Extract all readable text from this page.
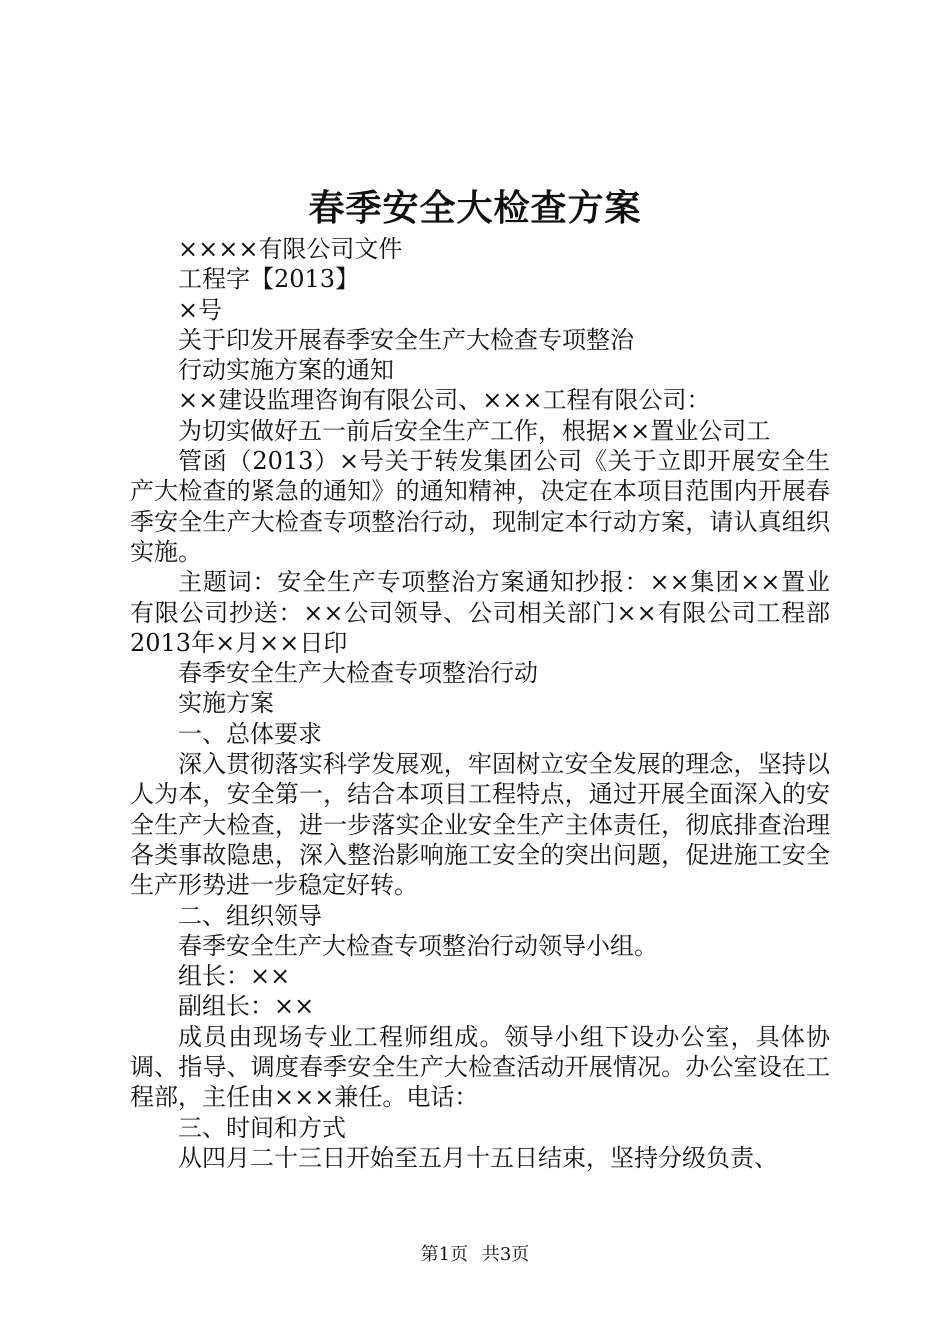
春季安全大检查方案

××××有限公司文件

工程字【2013】

×号

关于印发开展春季安全生产大检查专项整治

行动实施方案的通知

××建设监理咨询有限公司、×××工程有限公司：

为切实做好五一前后安全生产工作，根据××置业公司工

管函（2013）×号关于转发集团公司《关于立即开展安全生产大检查的紧急的通知》的通知精神，决定在本项目范围内开展春季安全生产大检查专项整治行动，现制定本行动方案，请认真组织实施。

主题词：安全生产专项整治方案通知抄报：××集团××置业有限公司抄送：××公司领导、公司相关部门××有限公司工程部2013年×月××日印

春季安全生产大检查专项整治行动

实施方案

一、总体要求

深入贯彻落实科学发展观，牢固树立安全发展的理念，坚持以人为本，安全第一，结合本项目工程特点，通过开展全面深入的安全生产大检查，进一步落实企业安全生产主体责任，彻底排查治理各类事故隐患，深入整治影响施工安全的突出问题，促进施工安全生产形势进一步稳定好转。

二、组织领导

春季安全生产大检查专项整治行动领导小组。

组长：××

副组长：××

成员由现场专业工程师组成。领导小组下设办公室，具体协调、指导、调度春季安全生产大检查活动开展情况。办公室设在工程部，主任由×××兼任。电话：

三、时间和方式

从四月二十三日开始至五月十五日结束，坚持分级负责、

第1页 共3页
